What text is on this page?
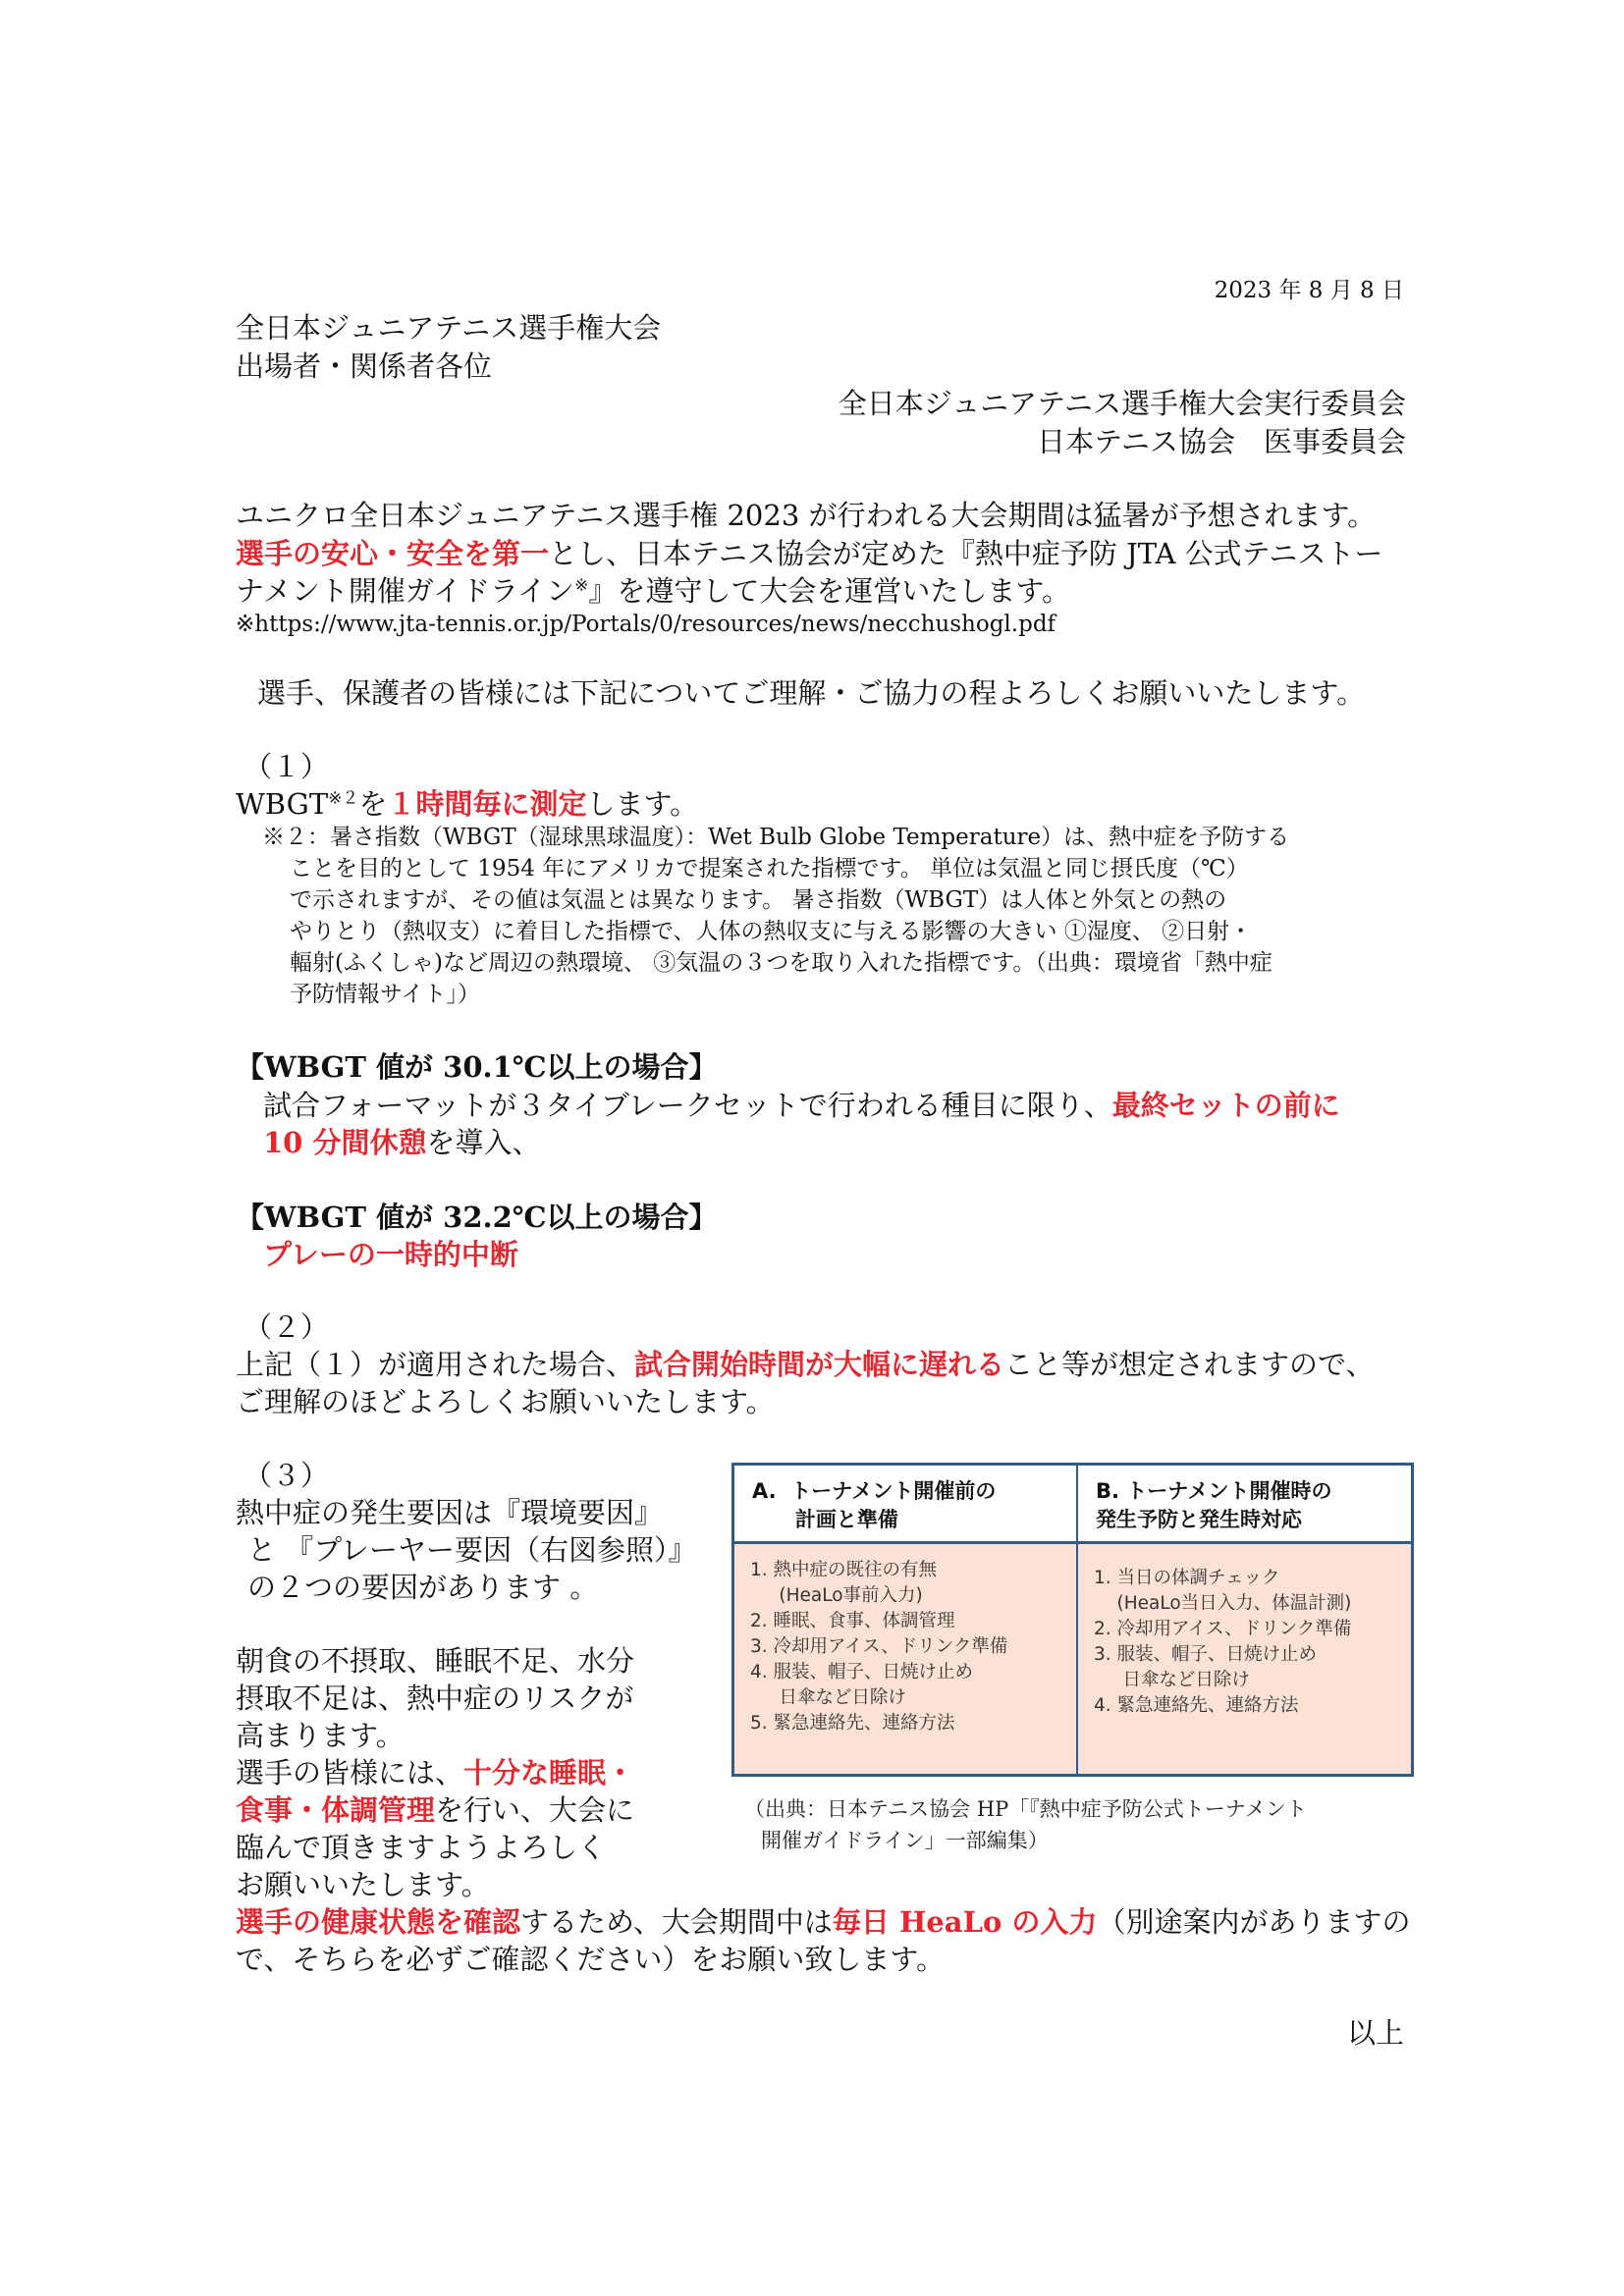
2023 年 8 月 8 日
全日本ジュニアテニス選手権大会
出場者・関係者各位
全日本ジュニアテニス選手権大会実行委員会
日本テニス協会　医事委員会
ユニクロ全日本ジュニアテニス選手権 2023 が行われる大会期間は猛暑が予想されます。
選手の安心・安全を第一とし、日本テニス協会が定めた『熱中症予防 JTA 公式テニストー
ナメント開催ガイドライン※』を遵守して大会を運営いたします。
※https://www.jta-tennis.or.jp/Portals/0/resources/news/necchushogl.pdf
選手、保護者の皆様には下記についてご理解・ご協力の程よろしくお願いいたします。
（１）
WBGT$^{※2}$を１時間毎に測定します。
※２：暑さ指数（WBGT（湿球黒球温度）：Wet Bulb Globe Temperature）は、熱中症を予防する
ことを目的として 1954 年にアメリカで提案された指標です。 単位は気温と同じ摂氏度（℃）
で示されますが、その値は気温とは異なります。 暑さ指数（WBGT）は人体と外気との熱の
やりとり（熱収支）に着目した指標で、人体の熱収支に与える影響の大きい ①湿度、 ②日射・
輻射(ふくしゃ)など周辺の熱環境、 ③気温の３つを取り入れた指標です。（出典：環境省「熱中症
予防情報サイト」）
【WBGT 値が 30.1℃以上の場合】
試合フォーマットが３タイブレークセットで行われる種目に限り、最終セットの前に
10 分間休憩を導入、
【WBGT 値が 32.2℃以上の場合】
プレーの一時的中断
（２）
上記（１）が適用された場合、試合開始時間が大幅に遅れること等が想定されますので、
ご理解のほどよろしくお願いいたします。
（３）
熱中症の発生要因は『環境要因』
と 『プレーヤー要因（右図参照）』
の２つの要因があります 。
朝食の不摂取、睡眠不足、水分
摂取不足は、熱中症のリスクが
高まります。
選手の皆様には、十分な睡眠・
食事・体調管理を行い、大会に
臨んで頂きますようよろしく
お願いいたします。
選手の健康状態を確認するため、大会期間中は毎日 HeaLo の入力（別途案内がありますの
で、そちらを必ずご確認ください）をお願い致します。
A.  トーナメント開催前の
計画と準備
1. 熱中症の既往の有無
(HeaLo事前入力)
2. 睡眠、食事、体調管理
3. 冷却用アイス、ドリンク準備
4. 服装、帽子、日焼け止め
日傘など日除け
5. 緊急連絡先、連絡方法
B. トーナメント開催時の
発生予防と発生時対応
1. 当日の体調チェック
(HeaLo当日入力、体温計測)
2. 冷却用アイス、ドリンク準備
3. 服装、帽子、日焼け止め
日傘など日除け
4. 緊急連絡先、連絡方法
（出典：日本テニス協会 HP「『熱中症予防公式トーナメント
開催ガイドライン」一部編集）
以上
